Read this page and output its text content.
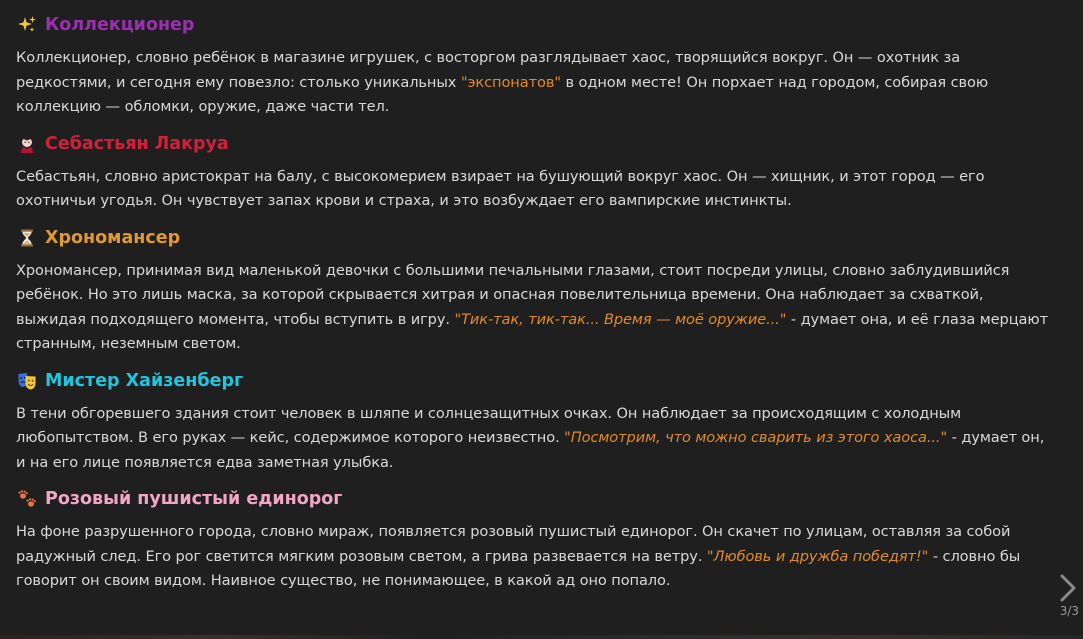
Коллекционер

Коллекционер, словно ребёнок в магазине игрушек, с восторгом разглядывает хаос, творящийся вокруг. Он — охотник за редкостями, и сегодня ему повезло: столько уникальных "экспонатов" в одном месте! Он порхает над городом, собирая свою коллекцию — обломки, оружие, даже части тел.

Себастьян Лакруа

Себастьян, словно аристократ на балу, с высокомерием взирает на бушующий вокруг хаос. Он — хищник, и этот город — его охотничьи угодья. Он чувствует запах крови и страха, и это возбуждает его вампирские инстинкты.

Хрономансер

Хрономансер, принимая вид маленькой девочки с большими печальными глазами, стоит посреди улицы, словно заблудившийся ребёнок. Но это лишь маска, за которой скрывается хитрая и опасная повелительница времени. Она наблюдает за схваткой, выжидая подходящего момента, чтобы вступить в игру. "Тик-так, тик-так... Время — моё оружие..." - думает она, и её глаза мерцают странным, неземным светом.

Мистер Хайзенберг

В тени обгоревшего здания стоит человек в шляпе и солнцезащитных очках. Он наблюдает за происходящим с холодным любопытством. В его руках — кейс, содержимое которого неизвестно. "Посмотрим, что можно сварить из этого хаоса..." - думает он, и на его лице появляется едва заметная улыбка.

Розовый пушистый единорог

На фоне разрушенного города, словно мираж, появляется розовый пушистый единорог. Он скачет по улицам, оставляя за собой радужный след. Его рог светится мягким розовым светом, а грива развевается на ветру. "Любовь и дружба победят!" - словно бы говорит он своим видом. Наивное существо, не понимающее, в какой ад оно попало.

3/3
